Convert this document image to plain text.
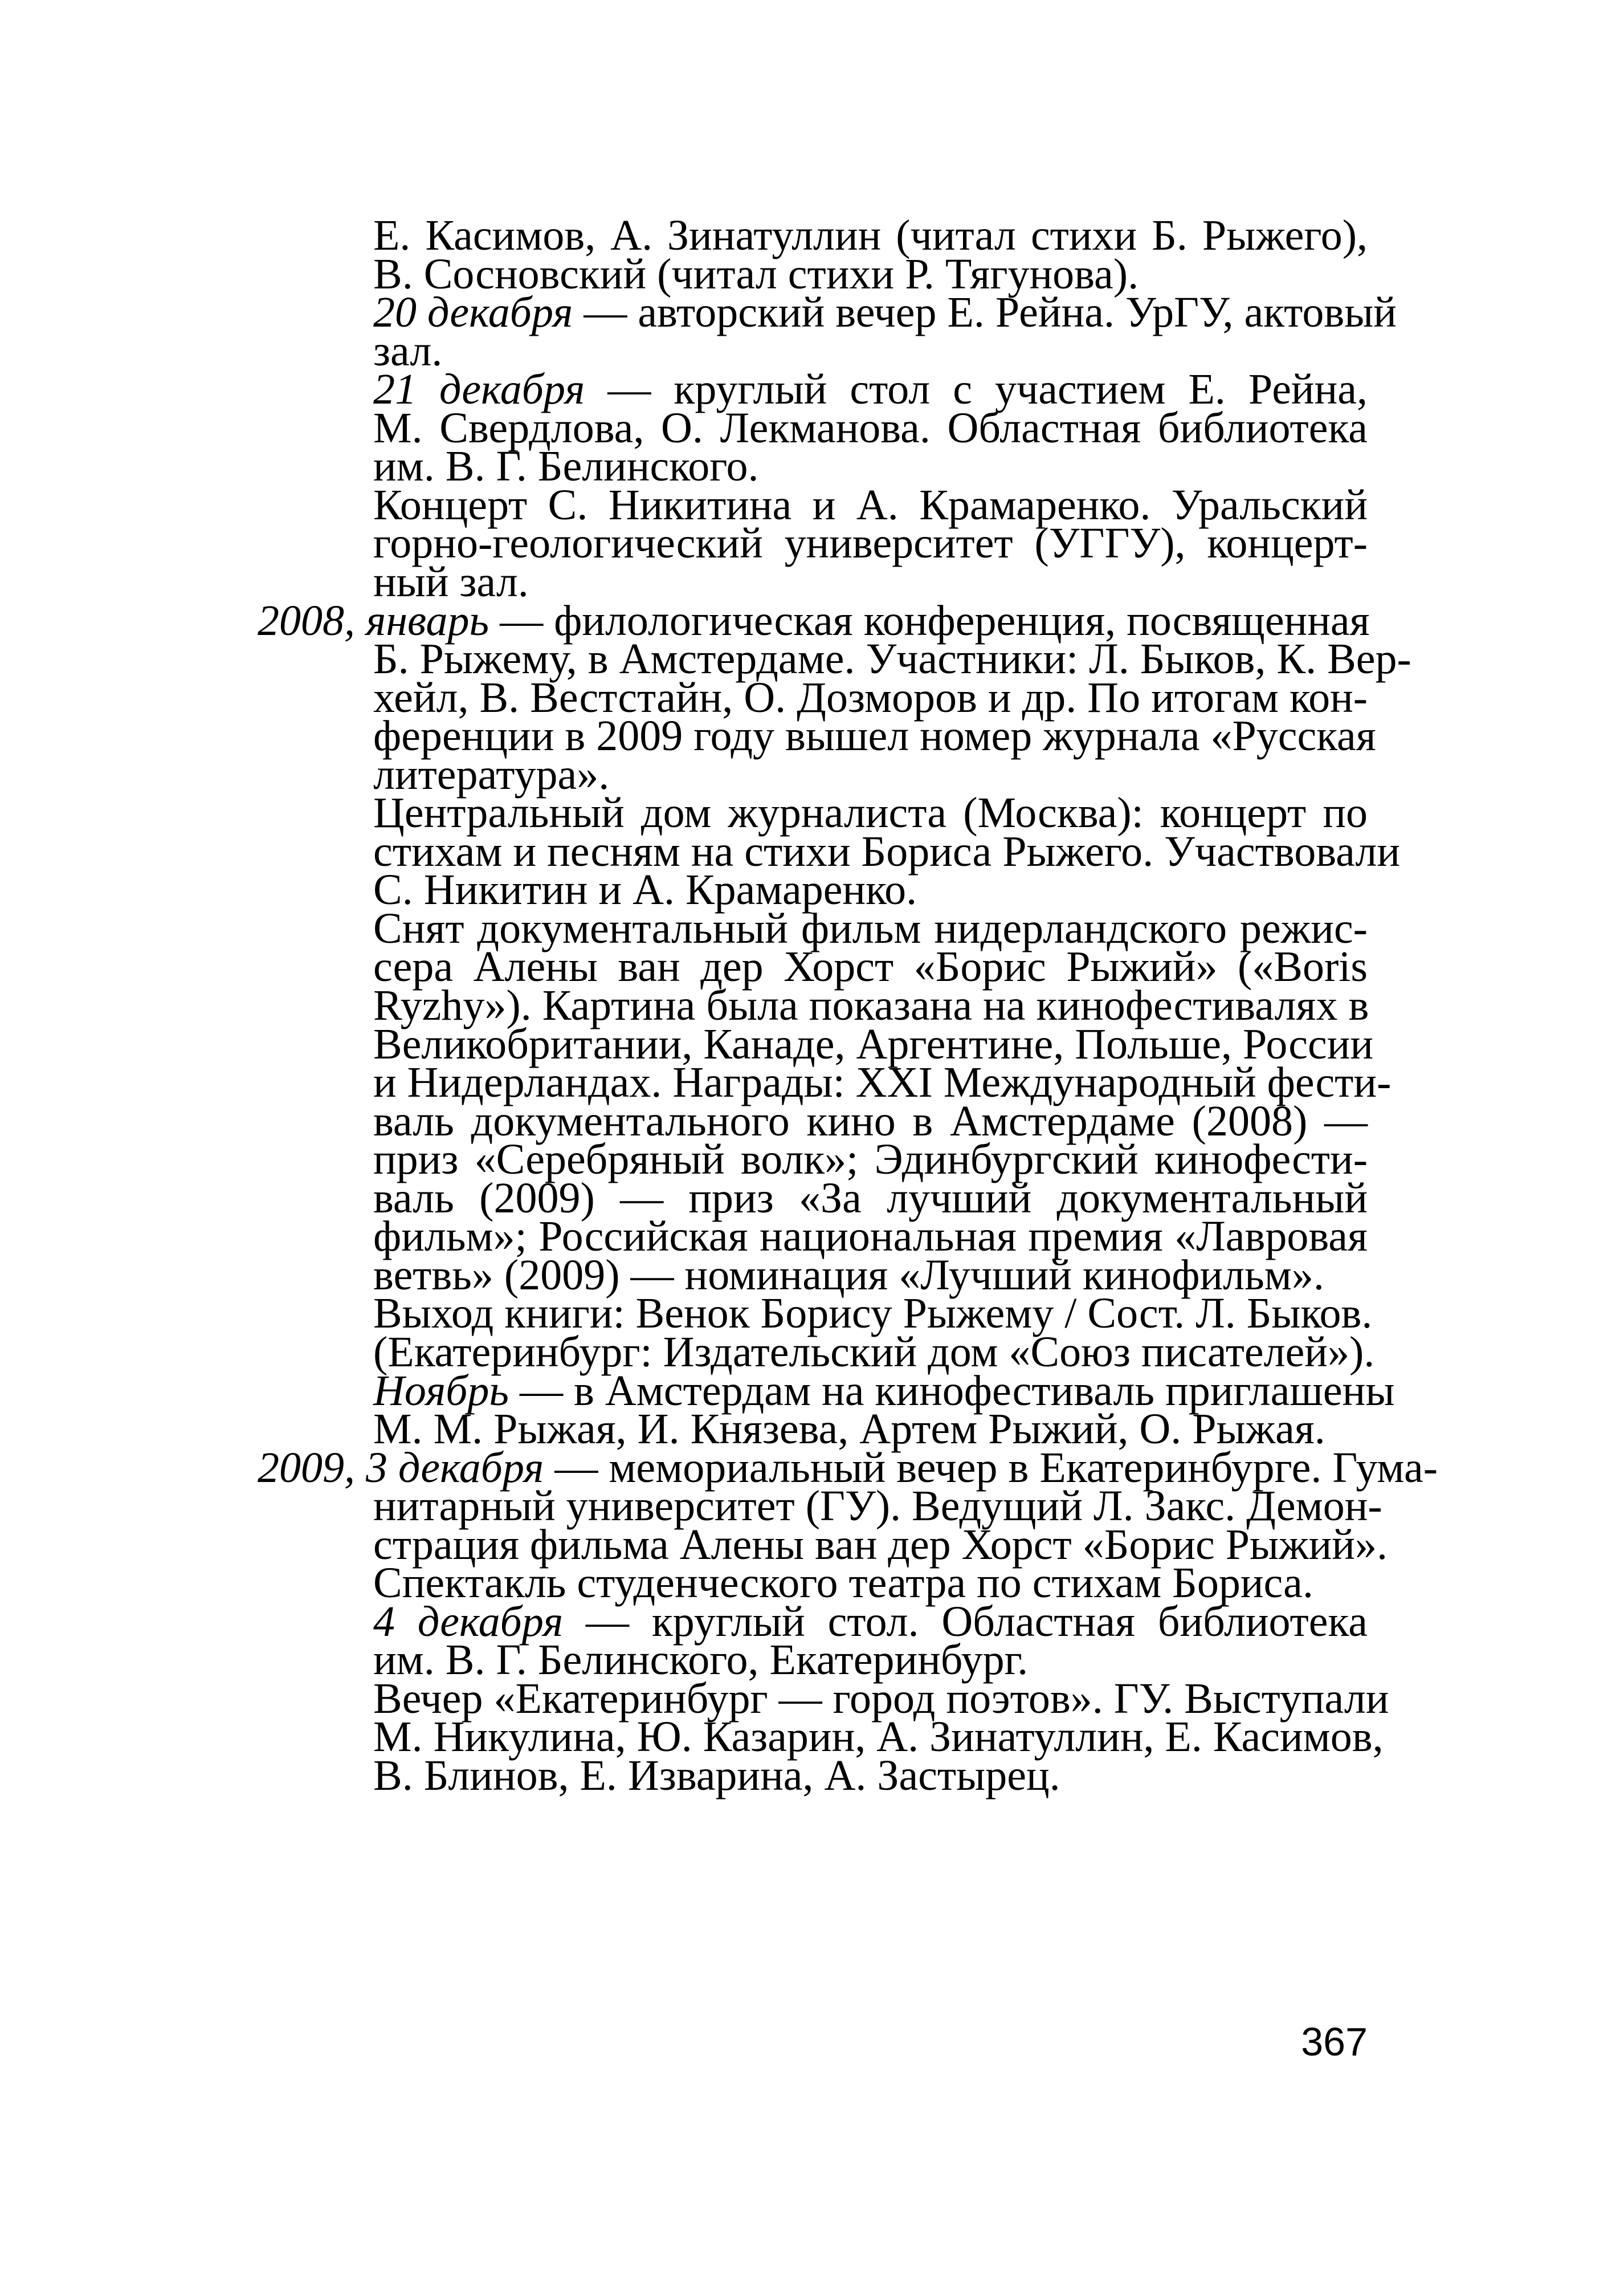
Е. Касимов, А. Зинатуллин (читал стихи Б. Рыжего),
В. Сосновский (читал стихи Р. Тягунова).
20 декабря — авторский вечер Е. Рейна. УрГУ, актовый
зал.
21 декабря — круглый стол с участием Е. Рейна,
М. Свердлова, О. Лекманова. Областная библиотека
им. В. Г. Белинского.
Концерт С. Никитина и А. Крамаренко. Уральский
горно-геологический университет (УГГУ), концерт-
ный зал.
2008, январь — филологическая конференция, посвященная
Б. Рыжему, в Амстердаме. Участники: Л. Быков, К. Вер-
хейл, В. Вестстайн, О. Дозморов и др. По итогам кон-
ференции в 2009 году вышел номер журнала «Русская
литература».
Центральный дом журналиста (Москва): концерт по
стихам и песням на стихи Бориса Рыжего. Участвовали
С. Никитин и А. Крамаренко.
Снят документальный фильм нидерландского режис-
сера Алены ван дер Хорст «Борис Рыжий» («Boris
Ryzhy»). Картина была показана на кинофестивалях в
Великобритании, Канаде, Аргентине, Польше, России
и Нидерландах. Награды: XXI Международный фести-
валь документального кино в Амстердаме (2008) —
приз «Серебряный волк»; Эдинбургский кинофести-
валь (2009) — приз «За лучший документальный
фильм»; Российская национальная премия «Лавровая
ветвь» (2009) — номинация «Лучший кинофильм».
Выход книги: Венок Борису Рыжему / Сост. Л. Быков.
(Екатеринбург: Издательский дом «Союз писателей»).
Ноябрь — в Амстердам на кинофестиваль приглашены
М. М. Рыжая, И. Князева, Артем Рыжий, О. Рыжая.
2009, 3 декабря — мемориальный вечер в Екатеринбурге. Гума-
нитарный университет (ГУ). Ведущий Л. Закс. Демон-
страция фильма Алены ван дер Хорст «Борис Рыжий».
Спектакль студенческого театра по стихам Бориса.
4 декабря — круглый стол. Областная библиотека
им. В. Г. Белинского, Екатеринбург.
Вечер «Екатеринбург — город поэтов». ГУ. Выступали
М. Никулина, Ю. Казарин, А. Зинатуллин, Е. Касимов,
В. Блинов, Е. Изварина, А. Застырец.
367
